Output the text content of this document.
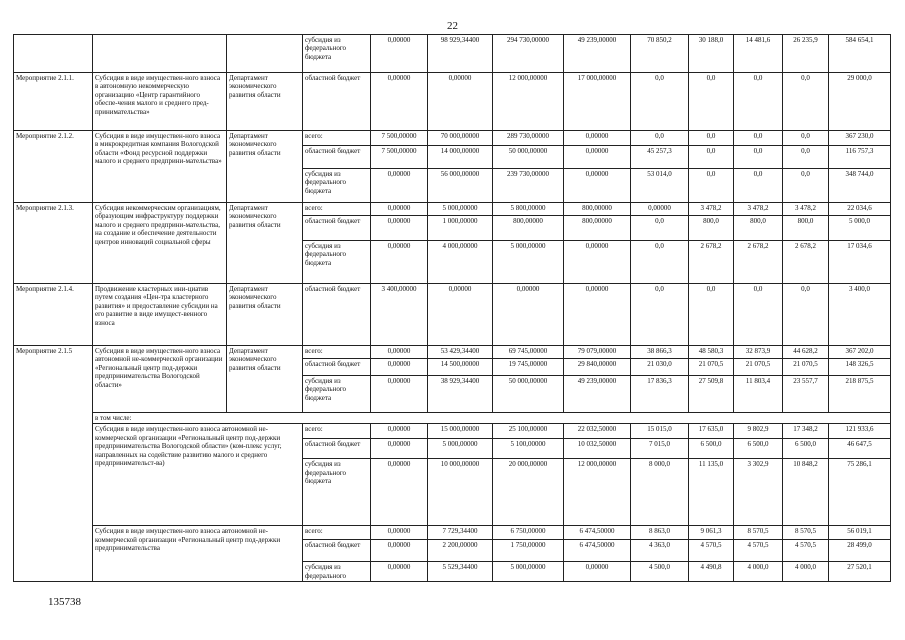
22
			субсидия из федерального бюджета	0,00000	98 929,34400	294 730,00000	49 239,00000	70 850,2	30 188,0	14 481,6	26 235,9	584 654,1
Мероприятие 2.1.1.	Субсидия в виде имуществен-ного взноса в автономную некоммерческую организацию «Центр гарантийного обеспе-чения малого и среднего пред-принимательства»	Департамент экономического развития области	областной бюджет	0,00000	0,00000	12 000,00000	17 000,00000	0,0	0,0	0,0	0,0	29 000,0
Мероприятие 2.1.2.	Субсидия в виде имуществен-ного взноса в микрокредитная компания Вологодской области «Фонд ресурсной поддержки малого и среднего предприни-мательства»	Департамент экономического развития области	всего:	7 500,00000	70 000,00000	289 730,00000	0,00000	0,0	0,0	0,0	0,0	367 230,0
			областной бюджет	7 500,00000	14 000,00000	50 000,00000	0,00000	45 257,3	0,0	0,0	0,0	116 757,3
			субсидия из федерального бюджета	0,00000	56 000,00000	239 730,00000	0,00000	53 014,0	0,0	0,0	0,0	348 744,0
Мероприятие 2.1.3.	Субсидия некоммерческим организациям, образующим инфраструктуру поддержки малого и среднего предприни-мательства, на создание и обеспечение деятельности центров инноваций социальной сферы	Департамент экономического развития области	всего:	0,00000	5 000,00000	5 800,00000	800,00000	0,00000	3 478,2	3 478,2	3 478,2	22 034,6
			областной бюджет	0,00000	1 000,00000	800,00000	800,00000	0,0	800,0	800,0	800,0	5 000,0
			субсидия из федерального бюджета	0,00000	4 000,00000	5 000,00000	0,00000	0,0	2 678,2	2 678,2	2 678,2	17 034,6
Мероприятие 2.1.4.	Продвижение кластерных ини-циатив путем создания «Цен-тра кластерного развития» и предоставление субсидии на его развитие в виде имущест-венного взноса	Департамент экономического развития области	областной бюджет	3 400,00000	0,00000	0,00000	0,00000	0,0	0,0	0,0	0,0	3 400,0
Мероприятие 2.1.5	Субсидия в виде имуществен-ного взноса автономной не-коммерческой организации «Региональный центр под-держки предпринимательства Вологодской области»	Департамент экономического развития области	всего:	0,00000	53 429,34400	69 745,00000	79 079,00000	38 866,3	48 580,3	32 873,9	44 628,2	367 202,0
			областной бюджет	0,00000	14 500,00000	19 745,00000	29 840,00000	21 030,0	21 070,5	21 070,5	21 070,5	148 326,5
			субсидия из федерального бюджета	0,00000	38 929,34400	50 000,00000	49 239,00000	17 836,3	27 509,8	11 803,4	23 557,7	218 875,5
	в том числе:											
	Субсидия в виде имуществен-ного взноса автономной не-коммерческой организации «Региональный центр под-держки предпринимательства Вологодской области» (ком-плекс услуг, направленных на содействие развитию малого и среднего предпринимательст-ва)		всего:	0,00000	15 000,00000	25 100,00000	22 032,50000	15 015,0	17 635,0	9 802,9	17 348,2	121 933,6
			областной бюджет	0,00000	5 000,00000	5 100,00000	10 032,50000	7 015,0	6 500,0	6 500,0	6 500,0	46 647,5
			субсидия из федерального бюджета	0,00000	10 000,00000	20 000,00000	12 000,00000	8 000,0	11 135,0	3 302,9	10 848,2	75 286,1
	Субсидия в виде имуществен-ного взноса автономной не-коммерческой организации «Региональный центр под-держки предпринимательства		всего:	0,00000	7 729,34400	6 750,00000	6 474,50000	8 863,0	9 061,3	8 570,5	8 570,5	56 019,1
			областной бюджет	0,00000	2 200,00000	1 750,00000	6 474,50000	4 363,0	4 570,5	4 570,5	4 570,5	28 499,0
			субсидия из федерального	0,00000	5 529,34400	5 000,00000	0,00000	4 500,0	4 490,8	4 000,0	4 000,0	27 520,1
135738
